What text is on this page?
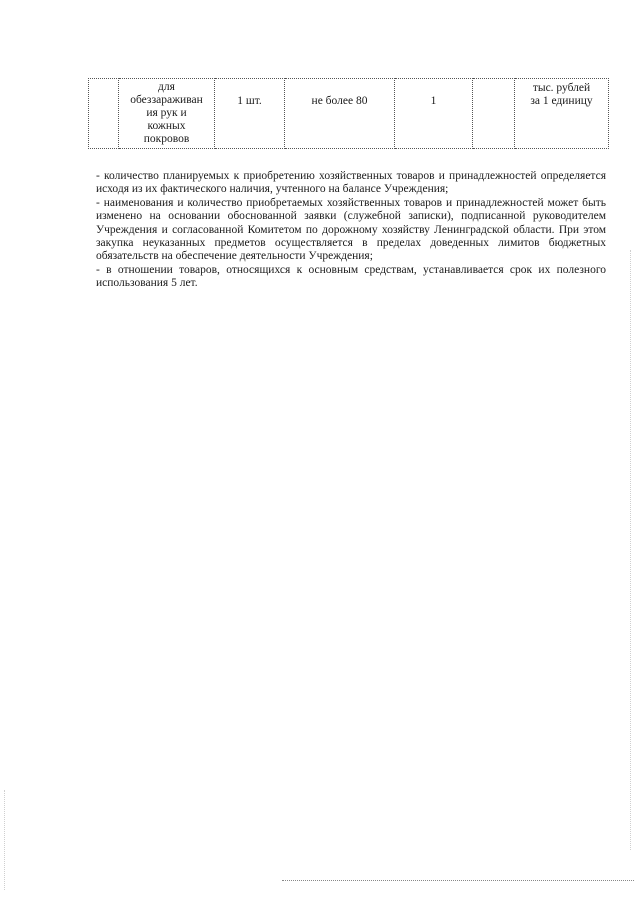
	для
обеззараживан
ия рук и
кожных
покровов	1 шт.	не более 80	1		тыс. рублей
за 1 единицу

- количество планируемых к приобретению хозяйственных товаров и принадлежностей определяется исходя из их фактического наличия, учтенного на балансе Учреждения;

- наименования и количество приобретаемых хозяйственных товаров и принадлежностей может быть изменено на основании обоснованной заявки (служебной записки), подписанной руководителем Учреждения и согласованной Комитетом по дорожному хозяйству Ленинградской области. При этом закупка неуказанных предметов осуществляется в пределах доведенных лимитов бюджетных обязательств на обеспечение деятельности Учреждения;

- в отношении товаров, относящихся к основным средствам, устанавливается срок их полезного использования 5 лет.
